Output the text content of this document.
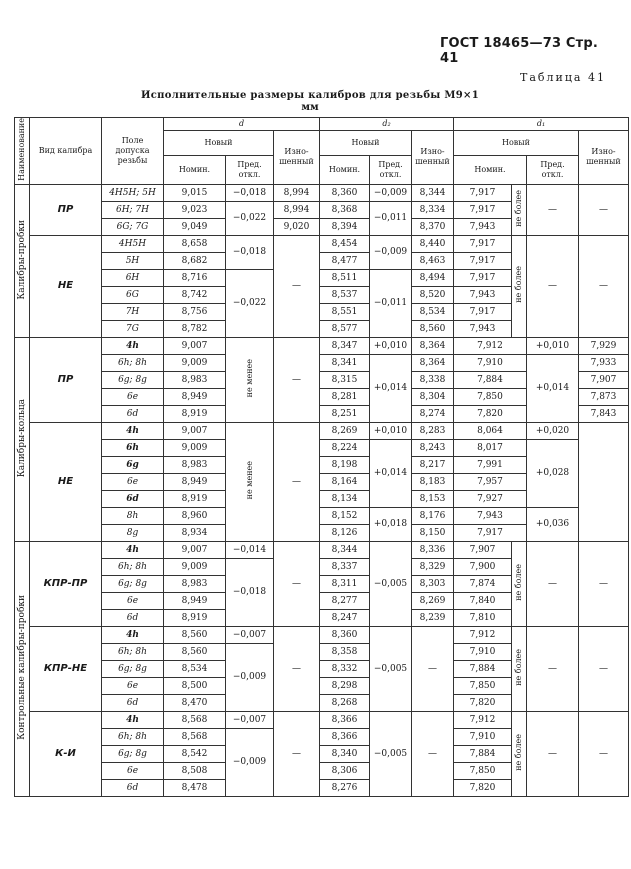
ГОСТ 18465—73 Стр. 41
Таблица 41
Исполнительные размеры калибров для резьбы М9×1
мм
Наименование	Вид калибра	Поле допуска резьбы	d			d₂			d₁			
			Новый		Изно-шенный	Новый		Изно-шенный	Новый			Изно-шенный
			Номин.	Пред. откл.		Номин.	Пред. откл.		Номин.		Пред. откл.	
Калибры-пробки	ПР	4H5H; 5H	9,015	−0,018	8,994	8,360	−0,009	8,344	7,917	не более	—	—
		6H; 7H	9,023	−0,022	8,994	8,368	−0,011	8,334	7,917			
		6G; 7G	9,049		9,020	8,394		8,370	7,943			
	НЕ	4H5H	8,658	−0,018	—	8,454	−0,009	8,440	7,917	не более	—	—
		5H	8,682			8,477		8,463	7,917			
		6H	8,716	−0,022		8,511	−0,011	8,494	7,917			
		6G	8,742			8,537		8,520	7,943			
		7H	8,756			8,551		8,534	7,917			
		7G	8,782			8,577		8,560	7,943			
Калибры-кольца	ПР	4h	9,007	не менее	—	8,347	+0,010	8,364	7,912		+0,010	7,929
		6h; 8h	9,009			8,341	+0,014	8,364	7,910		+0,014	7,933
		6g; 8g	8,983			8,315		8,338	7,884			7,907
		6e	8,949			8,281		8,304	7,850			7,873
		6d	8,919			8,251		8,274	7,820			7,843
	НЕ	4h	9,007	не менее	—	8,269	+0,010	8,283	8,064		+0,020	
		6h	9,009			8,224	+0,014	8,243	8,017		+0,028	
		6g	8,983			8,198		8,217	7,991			
		6e	8,949			8,164		8,183	7,957			
		6d	8,919			8,134		8,153	7,927			
		8h	8,960			8,152	+0,018	8,176	7,943		+0,036	
		8g	8,934			8,126		8,150	7,917			
Контрольные калибры-пробки	КПР-ПР	4h	9,007	−0,014	—	8,344	−0,005	8,336	7,907	не более	—	—
		6h; 8h	9,009	−0,018		8,337		8,329	7,900			
		6g; 8g	8,983			8,311		8,303	7,874			
		6e	8,949			8,277		8,269	7,840			
		6d	8,919			8,247		8,239	7,810			
	КПР-НЕ	4h	8,560	−0,007	—	8,360	−0,005	—	7,912	не более	—	—
		6h; 8h	8,560	−0,009		8,358			7,910			
		6g; 8g	8,534			8,332			7,884			
		6e	8,500			8,298			7,850			
		6d	8,470			8,268			7,820			
	К-И	4h	8,568	−0,007	—	8,366	−0,005	—	7,912	не более	—	—
		6h; 8h	8,568	−0,009		8,366			7,910			
		6g; 8g	8,542			8,340			7,884			
		6e	8,508			8,306			7,850			
		6d	8,478			8,276			7,820			
